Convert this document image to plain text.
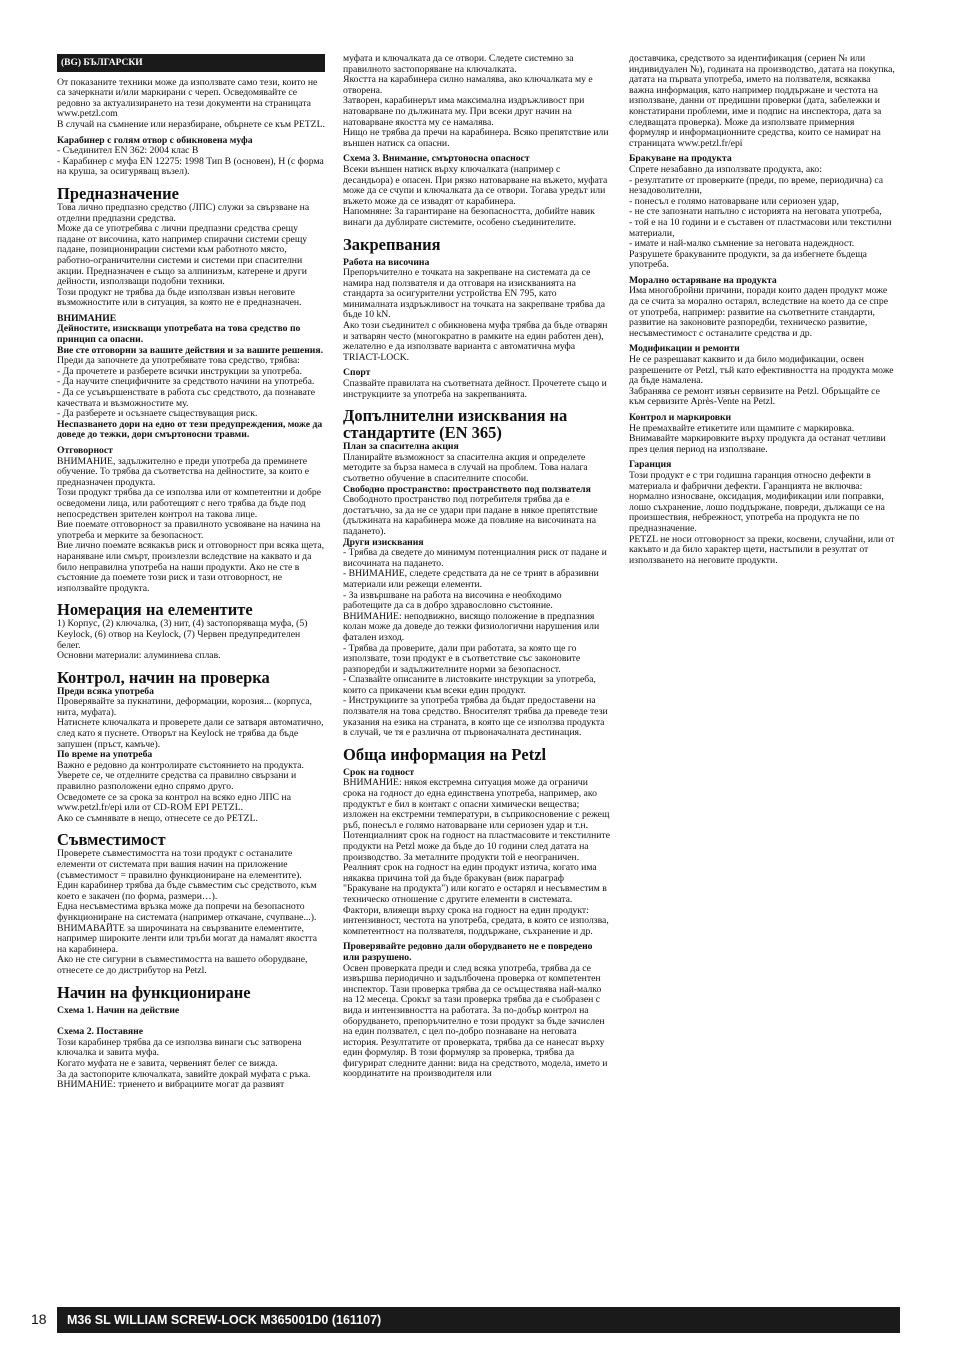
(BG) БЪЛГАРСКИ

От показаните техники може да използвате само тези, които не са зачеркнати и/или маркирани с череп. Осведомявайте се редовно за актуализирането на тези документи на страницата www.petzl.com

В случай на съмнение или неразбиране, обърнете се към PETZL.

Карабинер с голям отвор с обикновена муфа

- Съединител EN 362: 2004 клас B

- Карабинер с муфа EN 12275: 1998 Тип B (основен), H (с форма на крушa, за осигуряващ възел).

Предназначение

Това лично предпазно средство (ЛПС) служи за свързване на отделни предпазни средства.

Може да се употребява с лични предпазни средства срещу падане от височина, като например спирачни системи срещу падане, позиционирации системи към работното място, работно-ограничителни системи и системи при спасителни акции. Предназначен е също за алпинизъм, катерене и други дейности, използващи подобни техники.

Този продукт не трябва да бъде използван извън неговите възможностите или в ситуация, за която не е предназначен.

ВНИМАНИЕ

Дейностите, изискващи употребата на това средство по принцип са опасни.

Вие сте отговорни за вашите действия и за вашите решения.

Преди да започнете да употребявате това средство, трябва:

- Да прочетете и разберете всички инструкции за употреба.

- Да научите специфичните за средството начини на употреба.

- Да се усъвършенствате в работа със средството, да познавате качествата и възможностите му.

- Да разберете и осъзнаете съществуващия риск.

Неспазването дори на едно от тези предупреждения, може да доведе до тежки, дори смъртоносни травми.

Отговорност

ВНИМАНИЕ, задължително е преди употреба да преминете обучение. То трябва да съответства на дейностите, за които е предназначен продукта.

Този продукт трябва да се използва или от компетентни и добре осведомени лица, или работещият с него трябва да бъде под непосредствен зрителен контрол на такова лице.

Вие поемате отговорност за правилното усвояване на начина на употреба и мерките за безопасност.

Вие лично поемате всякакъв риск и отговорност при всяка щета, нараняване или смърт, произлезли вследствие на каквато и да било неправилна употреба на наши продукти. Ако не сте в състояние да поемете този риск и тази отговорност, не използвайте продукта.

Номерация на елементите

1) Корпус, (2) ключалка, (3) нит, (4) застопоряваща муфа, (5) Keylock, (6) отвор на Keylock, (7) Червен предупредителен белег.

Основни материали: алуминиева сплав.

Контрол, начин на проверка

Преди всяка употреба

Проверявайте за пукнатини, деформации, корозия... (корпуса, нита, муфата).

Натиснете ключалката и проверете дали се затваря автоматично, след като я пуснете. Отворът на Keylock не трябва да бъде запушен (пръст, камъче).

По време на употреба

Важно е редовно да контролирате състоянието на продукта.

Уверете се, че отделните средства са правилно свързани и правилно разположени едно спрямо друго.

Осведомете се за срока за контрол на всяко едно ЛПС на www.petzl.fr/epi или от CD-ROM EPI PETZL.

Ако се съмнявате в нещо, отнесете се до PETZL.

Съвместимост

Проверете съвместимостта на този продукт с останалите елементи от системата при вашия начин на приложение (съвместимост = правилно функциониране на елементите).

Един карабинер трябва да бъде съвместим със средството, към което е закачен (по форма, размери…).

Една несъвместима връзка може да попречи на безопасното функциониране на системата (например откачане, счупване...).

ВНИМАВАЙТЕ за широчината на свързваните елементите, например широките ленти или тръби могат да намалят якостта на карабинера.

Ако не сте сигурни в съвместимостта на вашето оборудване, отнесете се до дистрибутор на Petzl.

Начин на функциониране

Схема 1. Начин на действие

Схема 2. Поставяне

Този карабинер трябва да се използва винаги със затворена ключалка и завита муфа.

Когато муфата не е завита, червеният белег се вижда.

За да застопорите ключалката, завийте докрай муфата с ръка.

ВНИМАНИЕ: триенето и вибрациите могат да развият

муфата и ключалката да се отвори. Следете системно за правилното застопоряване на ключалката.

Якостта на карабинера силно намалява, ако ключалката му е отворена.

Затворен, карабинерът има максимална издръжливост при натоварване по дължината му. При всеки друг начин на натоварване якостта му се намалява.

Нищо не трябва да пречи на карабинера. Всяко препятствие или външен натиск са опасни.

Схема 3. Внимание, смъртоносна опасност

Всеки външен натиск върху ключалката (например с десандьора) е опасен. При рязко натоварване на въжето, муфата може да се счупи и ключалката да се отвори. Тогава уредът или въжето може да се извадят от карабинера.

Напомняне: За гарантиране на безопасността, добийте навик винаги да дублирате системите, особено съединителите.

Закрепвания

Работа на височина

Препоръчително е точката на закрепване на системата да се намира над ползвателя и да отговаря на изискванията на стандарта за осигурителни устройства EN 795, като минималната издръжливост на точката на закрепване трябва да бъде 10 kN.

Ако този съединител с обикновена муфа трябва да бъде отварян и затварян често (многократно в рамките на един работен ден), желателно е да използвате варианта с автоматична муфа TRIACT-LOCK.

Спорт

Спазвайте правилата на съответната дейност. Прочетете също и инструкциите за употреба на закрепванията.

Допълнителни изисквания на стандартите (EN 365)

План за спасителна акция

Планирайте възможност за спасителна акция и определете методите за бърза намеса в случай на проблем. Това налага съответно обучение в спасителните способи.

Свободно пространство: пространството под ползвателя

Свободното пространство под потребителя трябва да е достатъчно, за да не се удари при падане в някое препятствие (дължината на карабинера може да повлияе на височината на падането).

Други изисквания

- Трябва да сведете до минимум потенциалния риск от падане и височината на падането.

- ВНИМАНИЕ, следете средствата да не се трият в абразивни материали или режещи елементи.

- За извършване на работа на височина е необходимо работещите да са в добро здравословно състояние.

ВНИМАНИЕ: неподвижно, висящо положение в предпазния колан може да доведе до тежки физиологични нарушения или фатален изход.

- Трябва да проверите, дали при работата, за която ще го използвате, този продукт е в съответствие със законовите разпоредби и задължителните норми за безопасност.

- Спазвайте описаните в листовките инструкции за употреба, които са прикачени към всеки един продукт.

- Инструкциите за употреба трябва да бъдат предоставени на ползвателя на това средство. Вносителят трябва да преведе тези указания на езика на страната, в която ще се използва продукта в случай, че тя е различна от първоначалната дестинация.

Обща информация на Petzl

Срок на годност

ВНИМАНИЕ: някоя екстремна ситуация може да ограничи срока на годност до една единствена употреба, например, ако продуктът е бил в контакт с опасни химически вещества; изложен на екстремни температури, в съприкосновение с режещ ръб, понесъл е голямо натоварване или сериозен удар и т.н.

Потенциалният срок на годност на пластмасовите и текстилните продукти на Petzl може да бъде до 10 години след датата на производство. За металните продукти той е неограничен.

Реалният срок на годност на един продукт изтича, когато има някаква причина той да бъде бракуван (виж параграф "Бракуване на продукта") или когато е остарял и несъвместим в техническо отношение с другите елементи в системата.

Фактори, влияещи върху срока на годност на един продукт: интензивност, честота на употреба, средата, в която се използва, компетентност на ползвателя, поддържане, съхранение и др.

Проверявайте редовно дали оборудването не е повредено или разрушено.

Освен проверката преди и след всяка употреба, трябва да се извършва периодично и задълбочена проверка от компетентен инспектор. Тази проверка трябва да се осъществява най-малко на 12 месеца. Срокът за тази проверка трябва да е съобразен с вида и интензивността на работата. За по-добър контрол на оборудването, препоръчително е този продукт за бъде зачислен на един ползвател, с цел по-добро познаване на неговата история. Резултатите от проверката, трябва да се нанесат върху един формуляр. В този формуляр за проверка, трябва да фигурират следните данни: вида на средството, модела, името и координатите на производителя или

доставчика, средството за идентификация (сериен № или индивидуален №), годината на производство, датата на покупка, датата на първата употреба, името на ползвателя, всякаква важна информация, като например поддържане и честота на използване, данни от предишни проверки (дата, забележки и констатирани проблеми, име и подпис на инспектора, дата за следващата проверка). Може да използвате примерния формуляр и информационните средства, които се намират на страницата www.petzl.fr/epi

Бракуване на продукта

Спрете незабавно да използвате продукта, ако:

- резултатите от проверките (преди, по време, периодична) са незадоволителни,

- понесъл е голямо натоварване или сериозен удар,

- не сте запознати напълно с историята на неговата употреба,

- той е на 10 години и е съставен от пластмасови или текстилни материали,

- имате и най-малко съмнение за неговата надеждност.

Разрушете бракуваните продукти, за да избегнете бъдеща употреба.

Морално остаряване на продукта

Има многобройни причини, поради които даден продукт може да се счита за морално остарял, вследствие на което да се спре от употреба, например: развитие на съответните стандарти, развитие на законовите разпоредби, техническо развитие, несъвместимост с останалите средства и др.

Модификации и ремонти

Не се разрешават каквито и да било модификации, освен разрешените от Petzl, тъй като ефективността на продукта може да бъде намалена.

Забранява се ремонт извън сервизите на Petzl. Обръщайте се към сервизите Après-Vente на Petzl.

Контрол и маркировки

Не премахвайте етикетите или щампите с маркировка. Внимавайте маркировките върху продукта да останат четливи през целия период на използване.

Гаранция

Този продукт е с три годишна гаранция относно дефекти в материала и фабрични дефекти. Гаранцията не включва: нормално износване, оксидация, модификации или поправки, лошо съхранение, лошо поддържане, повреди, дължащи се на произшествия, небрежност, употреба на продукта не по предназначение.

PETZL не носи отговорност за преки, косвени, случайни, или от какъвто и да било характер щети, настъпили в резултат от използването на неговите продукти.

18	M36 SL WILLIAM SCREW-LOCK M365001D0 (161107)
